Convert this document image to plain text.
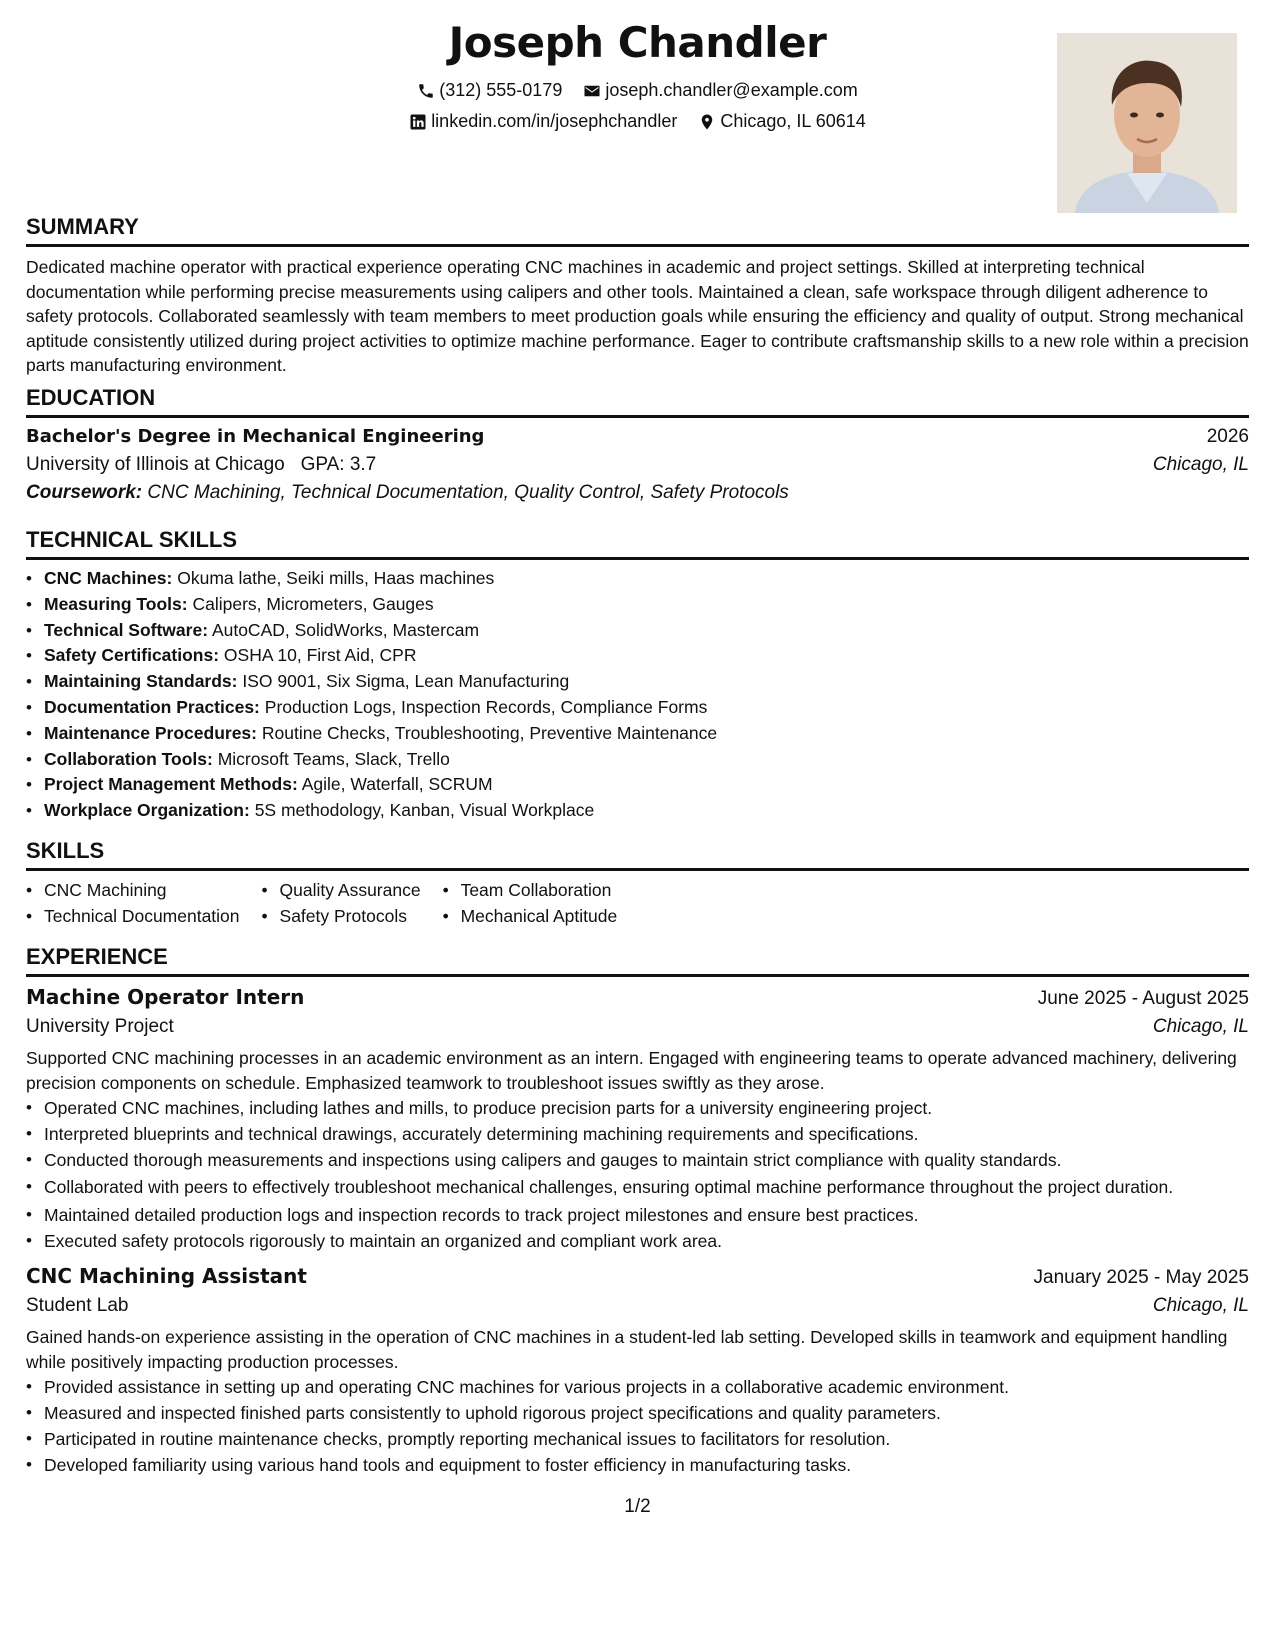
Joseph Chandler
(312) 555-0179
joseph.chandler@example.com
linkedin.com/in/josephchandler
Chicago, IL 60614
SUMMARY

Dedicated machine operator with practical experience operating CNC machines in academic and project settings. Skilled at interpreting technical documentation while performing precise measurements using calipers and other tools. Maintained a clean, safe workspace through diligent adherence to safety protocols. Collaborated seamlessly with team members to meet production goals while ensuring the efficiency and quality of output. Strong mechanical aptitude consistently utilized during project activities to optimize machine performance. Eager to contribute craftsmanship skills to a new role within a precision parts manufacturing environment.

EDUCATION
Bachelor's Degree in Mechanical Engineering	2026
University of Illinois at Chicago GPA: 3.7	Chicago, IL
Coursework: CNC Machining, Technical Documentation, Quality Control, Safety Protocols
TECHNICAL SKILLS
• CNC Machines: Okuma lathe, Seiki mills, Haas machines
• Measuring Tools: Calipers, Micrometers, Gauges
• Technical Software: AutoCAD, SolidWorks, Mastercam
• Safety Certifications: OSHA 10, First Aid, CPR
• Maintaining Standards: ISO 9001, Six Sigma, Lean Manufacturing
• Documentation Practices: Production Logs, Inspection Records, Compliance Forms
• Maintenance Procedures: Routine Checks, Troubleshooting, Preventive Maintenance
• Collaboration Tools: Microsoft Teams, Slack, Trello
• Project Management Methods: Agile, Waterfall, SCRUM
• Workplace Organization: 5S methodology, Kanban, Visual Workplace
SKILLS
• CNC Machining
• Technical Documentation
• Quality Assurance
• Safety Protocols
• Team Collaboration
• Mechanical Aptitude
EXPERIENCE
Machine Operator Intern	June 2025 - August 2025
University Project	Chicago, IL

Supported CNC machining processes in an academic environment as an intern. Engaged with engineering teams to operate advanced machinery, delivering precision components on schedule. Emphasized teamwork to troubleshoot issues swiftly as they arose.

• Operated CNC machines, including lathes and mills, to produce precision parts for a university engineering project.
• Interpreted blueprints and technical drawings, accurately determining machining requirements and specifications.
• Conducted thorough measurements and inspections using calipers and gauges to maintain strict compliance with quality standards.
• Collaborated with peers to effectively troubleshoot mechanical challenges, ensuring optimal machine performance throughout the project duration.
• Maintained detailed production logs and inspection records to track project milestones and ensure best practices.
• Executed safety protocols rigorously to maintain an organized and compliant work area.
CNC Machining Assistant	January 2025 - May 2025
Student Lab	Chicago, IL

Gained hands-on experience assisting in the operation of CNC machines in a student-led lab setting. Developed skills in teamwork and equipment handling while positively impacting production processes.

• Provided assistance in setting up and operating CNC machines for various projects in a collaborative academic environment.
• Measured and inspected finished parts consistently to uphold rigorous project specifications and quality parameters.
• Participated in routine maintenance checks, promptly reporting mechanical issues to facilitators for resolution.
• Developed familiarity using various hand tools and equipment to foster efficiency in manufacturing tasks.
1/2
